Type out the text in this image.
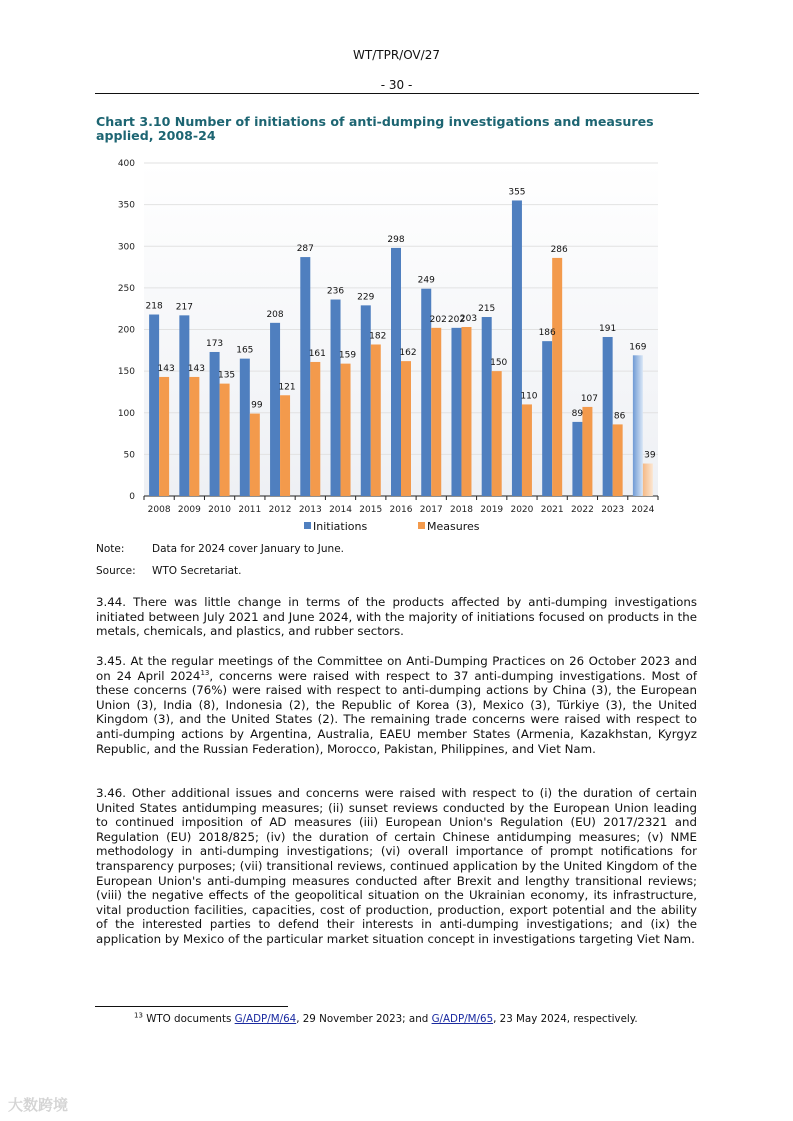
WT/TPR/OV/27
- 30 -
Chart 3.10 Number of initiations of anti-dumping investigations and measures applied, 2008-24
0
50
100
150
200
250
300
350
400
218
143
2008
217
143
2009
173
135
2010
165
99
2011
208
121
2012
287
161
2013
236
159
2014
229
182
2015
298
162
2016
249
202
2017
202
203
2018
215
150
2019
355
110
2020
186
286
2021
89
107
2022
191
86
2023
169
39
2024
Initiations	Measures
Note:	Data for 2024 cover January to June.
Source: WTO Secretariat.
3.44. There was little change in terms of the products affected by anti-dumping investigations initiated between July 2021 and June 2024, with the majority of initiations focused on products in the metals, chemicals, and plastics, and rubber sectors.
3.45. At the regular meetings of the Committee on Anti-Dumping Practices on 26 October 2023 and on 24 April 2024$^{13}$, concerns were raised with respect to 37 anti-dumping investigations. Most of these concerns (76%) were raised with respect to anti-dumping actions by China (3), the European Union (3), India (8), Indonesia (2), the Republic of Korea (3), Mexico (3), Türkiye (3), the United Kingdom (3), and the United States (2). The remaining trade concerns were raised with respect to anti-dumping actions by Argentina, Australia, EAEU member States (Armenia, Kazakhstan, Kyrgyz Republic, and the Russian Federation), Morocco, Pakistan, Philippines, and Viet Nam.
3.46. Other additional issues and concerns were raised with respect to (i) the duration of certain United States antidumping measures; (ii) sunset reviews conducted by the European Union leading to continued imposition of AD measures (iii) European Union's Regulation (EU) 2017/2321 and Regulation (EU) 2018/825; (iv) the duration of certain Chinese antidumping measures; (v) NME methodology in anti-dumping investigations; (vi) overall importance of prompt notifications for transparency purposes; (vii) transitional reviews, continued application by the United Kingdom of the European Union's anti-dumping measures conducted after Brexit and lengthy transitional reviews; (viii) the negative effects of the geopolitical situation on the Ukrainian economy, its infrastructure, vital production facilities, capacities, cost of production, production, export potential and the ability of the interested parties to defend their interests in anti-dumping investigations; and (ix) the application by Mexico of the particular market situation concept in investigations targeting Viet Nam.
$^{13}$ WTO documents G/ADP/M/64, 29 November 2023; and G/ADP/M/65, 23 May 2024, respectively.
大数跨境
